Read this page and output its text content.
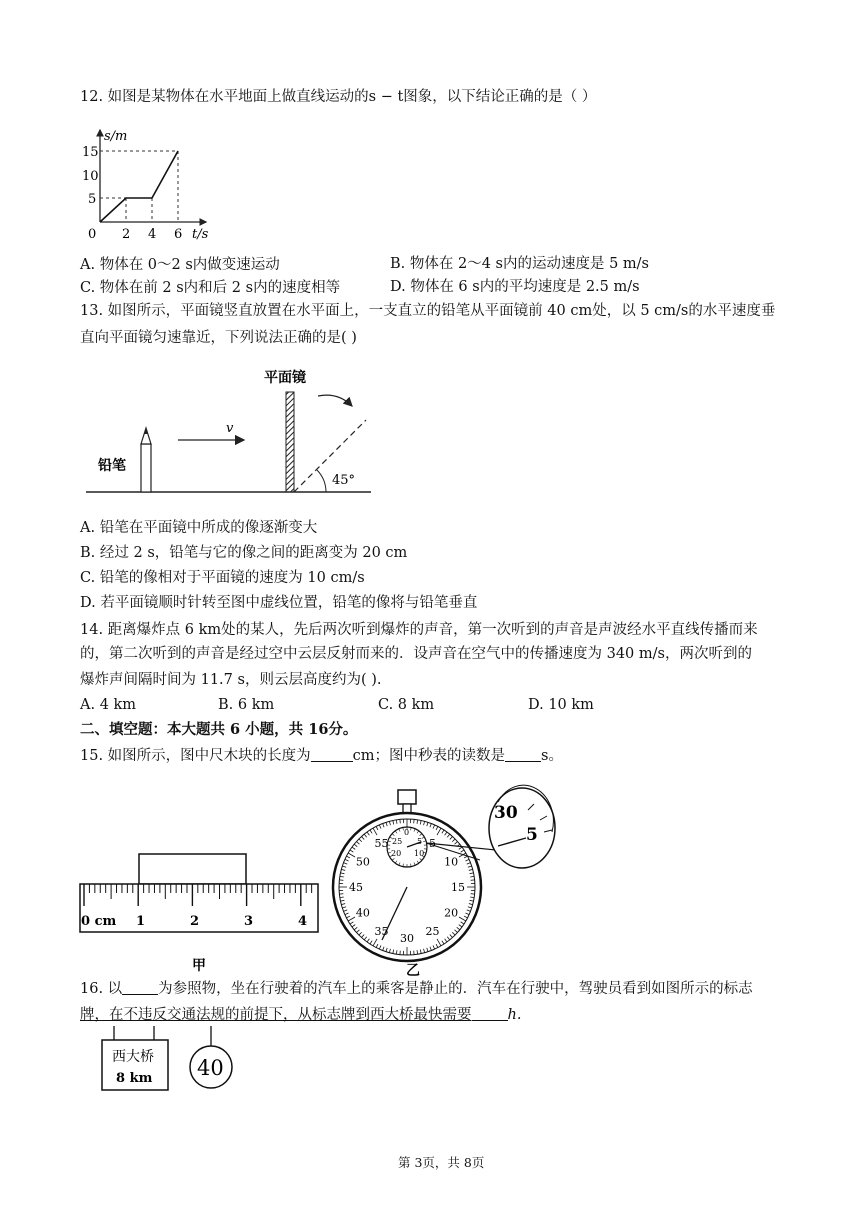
12. 如图是某物体在水平地面上做直线运动的s − t图象，以下结论正确的是（ ）
s/m
15
10
5
0 2 4 6 t/s
A. 物体在 0～2 s内做变速运动	B. 物体在 2～4 s内的运动速度是 5 m/s
C. 物体在前 2 s内和后 2 s内的速度相等	D. 物体在 6 s内的平均速度是 2.5 m/s
13. 如图所示，平面镜竖直放置在水平面上，一支直立的铅笔从平面镜前 40 cm处，以 5 cm/s的水平速度垂
直向平面镜匀速靠近，下列说法正确的是( )
v
平面镜
铅笔
45°
A. 铅笔在平面镜中所成的像逐渐变大
B. 经过 2 s，铅笔与它的像之间的距离变为 20 cm
C. 铅笔的像相对于平面镜的速度为 10 cm/s
D. 若平面镜顺时针转至图中虚线位置，铅笔的像将与铅笔垂直
14. 距离爆炸点 6 km处的某人，先后两次听到爆炸的声音，第一次听到的声音是声波经水平直线传播而来
的，第二次听到的声音是经过空中云层反射而来的．设声音在空气中的传播速度为 340 m/s，两次听到的
爆炸声间隔时间为 11.7 s，则云层高度约为( ).
A. 4 km	B. 6 km	C. 8 km	D. 10 km
二、填空题：本大题共 6 小题，共 16分。
15. 如图所示，图中尺木块的长度为	cm；图中秒表的读数是 s。
0 cm 1	2	3	4
甲
30
5
55	5
10
15
20
25
30
35
40
45
50
0
25 5
20 10
乙
16. 以 为参照物，坐在行驶着的汽车上的乘客是静止的．汽车在行驶中，驾驶员看到如图所示的标志
牌，在不违反交通法规的前提下，从标志牌到西大桥最快需要 h.
西大桥
8 km 40
第 3页，共 8页
